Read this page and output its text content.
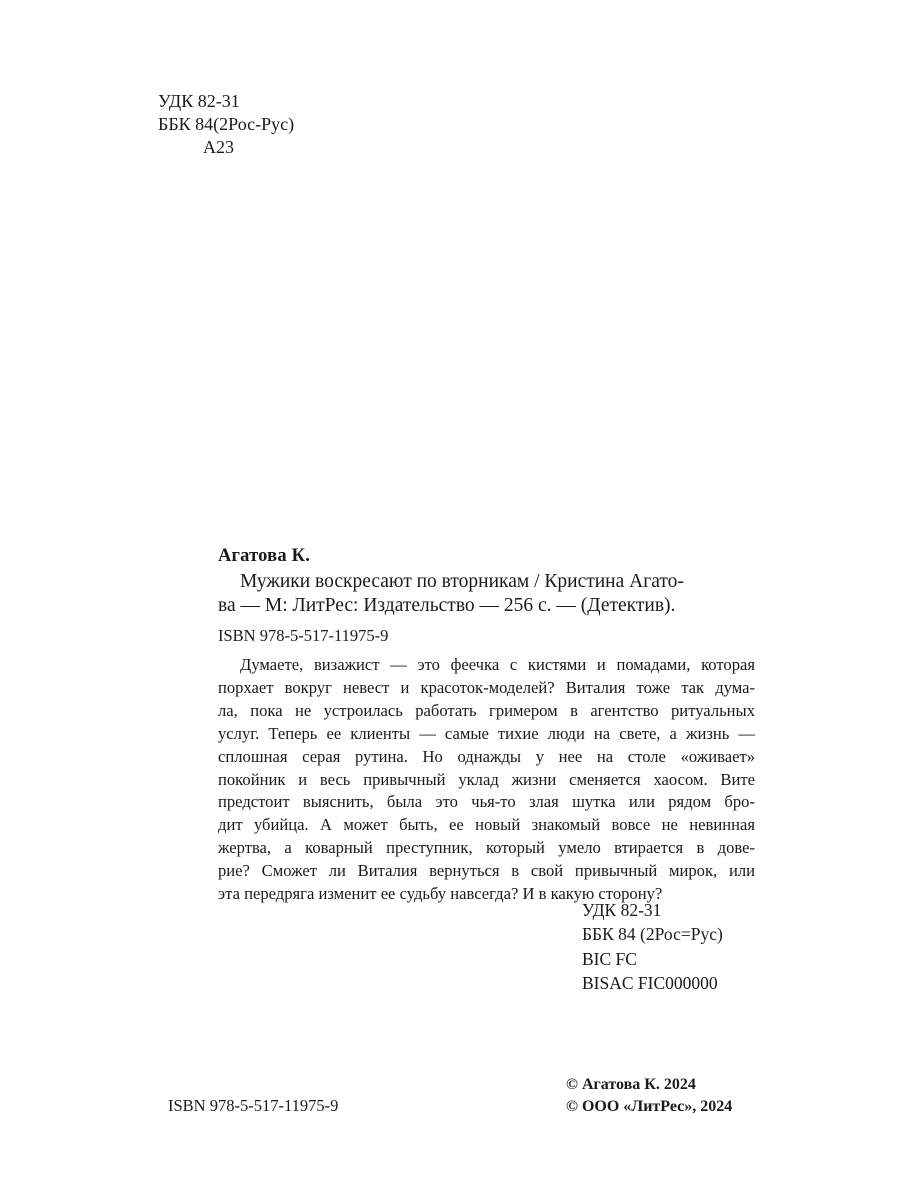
УДК 82-31
ББК 84(2Рос-Рус)
А23
Агатова К.
Мужики воскресают по вторникам / Кристина Агато-
ва — М: ЛитРес: Издательство — 256 с. — (Детектив).
ISBN 978-5-517-11975-9
Думаете, визажист — это феечка с кистями и помадами, которая
порхает вокруг невест и красоток-моделей? Виталия тоже так дума-
ла, пока не устроилась работать гримером в агентство ритуальных
услуг. Теперь ее клиенты — самые тихие люди на свете, а жизнь —
сплошная серая рутина. Но однажды у нее на столе «оживает»
покойник и весь привычный уклад жизни сменяется хаосом. Вите
предстоит выяснить, была это чья-то злая шутка или рядом бро-
дит убийца. А может быть, ее новый знакомый вовсе не невинная
жертва, а коварный преступник, который умело втирается в дове-
рие? Сможет ли Виталия вернуться в свой привычный мирок, или
эта передряга изменит ее судьбу навсегда? И в какую сторону?
УДК 82-31
ББК 84 (2Рос=Рус)
BIC FC
BISAC FIC000000
ISBN 978-5-517-11975-9
© Агатова К. 2024
© ООО «ЛитРес», 2024
